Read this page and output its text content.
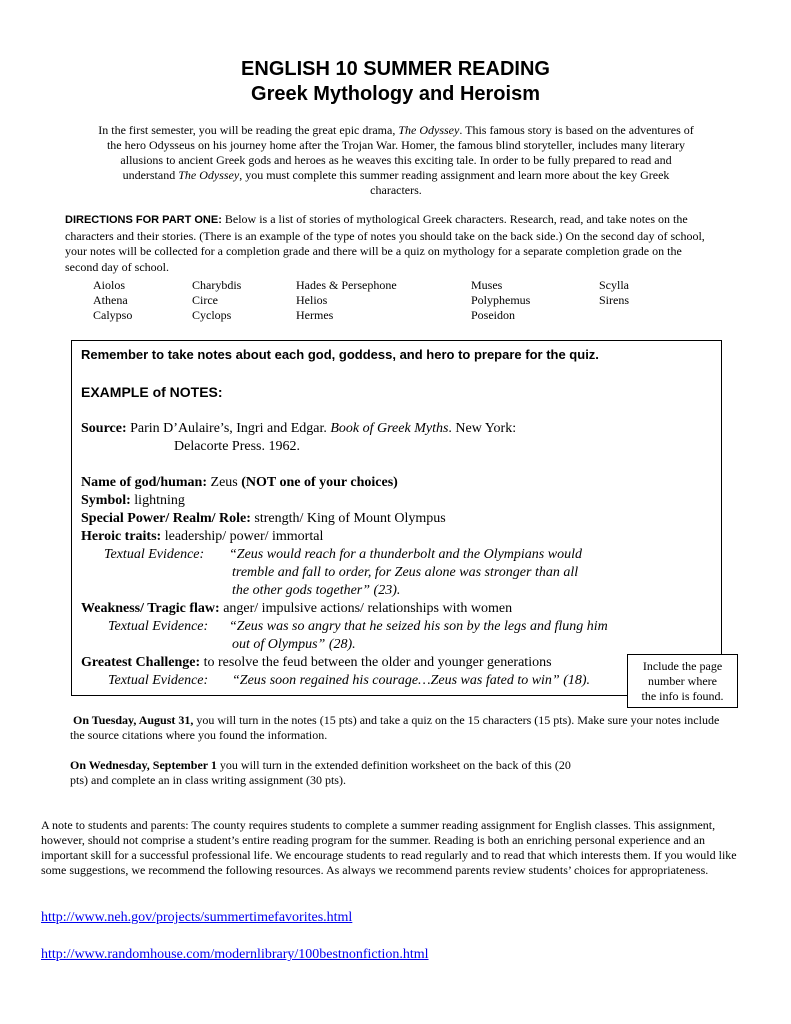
ENGLISH 10 SUMMER READING
Greek Mythology and Heroism
In the first semester, you will be reading the great epic drama, The Odyssey. This famous story is based on the adventures of the hero Odysseus on his journey home after the Trojan War. Homer, the famous blind storyteller, includes many literary allusions to ancient Greek gods and heroes as he weaves this exciting tale. In order to be fully prepared to read and understand The Odyssey, you must complete this summer reading assignment and learn more about the key Greek characters.
DIRECTIONS FOR PART ONE: Below is a list of stories of mythological Greek characters. Research, read, and take notes on the characters and their stories. (There is an example of the type of notes you should take on the back side.) On the second day of school, your notes will be collected for a completion grade and there will be a quiz on mythology for a separate completion grade on the second day of school.
Aiolos
Athena
Calypso
Charybdis
Circe
Cyclops
Hades & Persephone
Helios
Hermes
Muses
Polyphemus
Poseidon
Scylla
Sirens
Remember to take notes about each god, goddess, and hero to prepare for the quiz.
EXAMPLE of NOTES:
Source: Parin D’Aulaire’s, Ingri and Edgar. Book of Greek Myths. New York:
Delacorte Press. 1962.
Name of god/human: Zeus (NOT one of your choices)
Symbol: lightning
Special Power/ Realm/ Role: strength/ King of Mount Olympus
Heroic traits: leadership/ power/ immortal
Textual Evidence: “Zeus would reach for a thunderbolt and the Olympians would
tremble and fall to order, for Zeus alone was stronger than all
the other gods together” (23).
Weakness/ Tragic flaw: anger/ impulsive actions/ relationships with women
Textual Evidence: “Zeus was so angry that he seized his son by the legs and flung him
out of Olympus” (28).
Greatest Challenge: to resolve the feud between the older and younger generations
Textual Evidence: “Zeus soon regained his courage…Zeus was fated to win” (18).
Include the page
number where
the info is found.
On Tuesday, August 31, you will turn in the notes (15 pts) and take a quiz on the 15 characters (15 pts). Make sure your notes include the source citations where you found the information.
On Wednesday, September 1 you will turn in the extended definition worksheet on the back of this (20 pts) and complete an in class writing assignment (30 pts).
A note to students and parents: The county requires students to complete a summer reading assignment for English classes. This assignment, however, should not comprise a student’s entire reading program for the summer. Reading is both an enriching personal experience and an important skill for a successful professional life. We encourage students to read regularly and to read that which interests them. If you would like some suggestions, we recommend the following resources. As always we recommend parents review students’ choices for appropriateness.
http://www.neh.gov/projects/summertimefavorites.html
http://www.randomhouse.com/modernlibrary/100bestnonfiction.html
